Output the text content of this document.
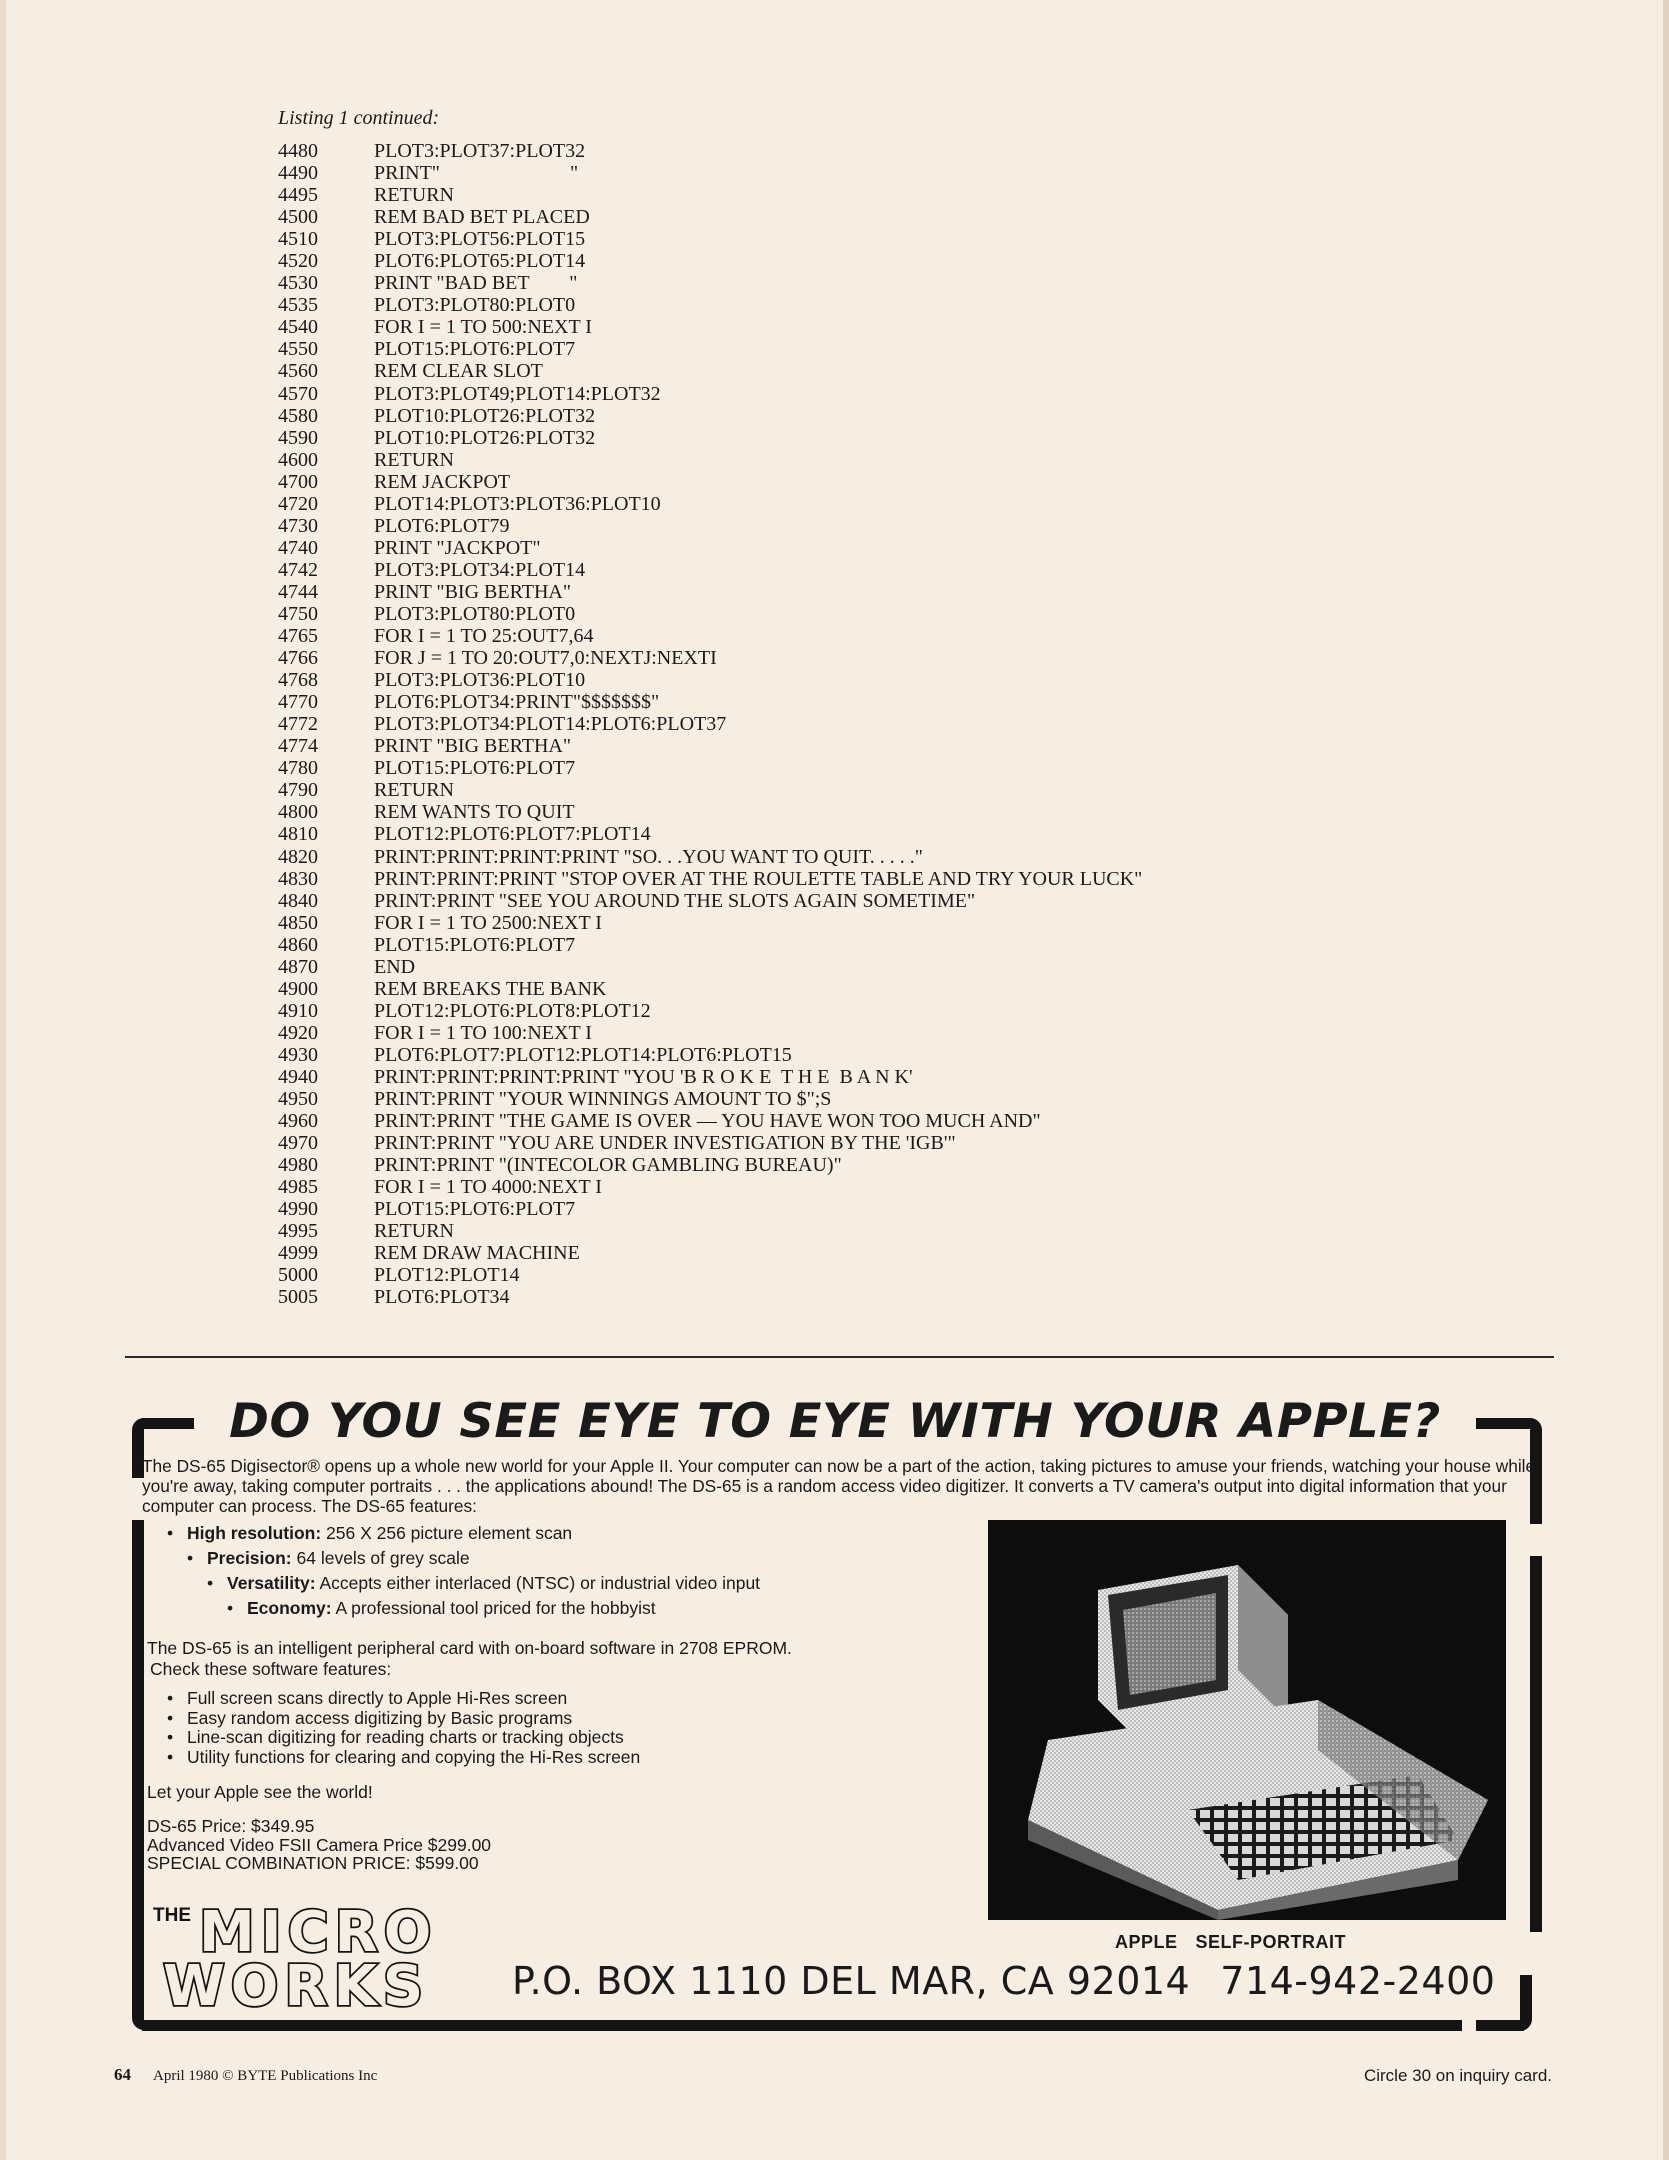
Listing 1 continued:
4480	PLOT3:PLOT37:PLOT32
4490	PRINT"                          "
4495	RETURN
4500	REM BAD BET PLACED
4510	PLOT3:PLOT56:PLOT15
4520	PLOT6:PLOT65:PLOT14
4530	PRINT "BAD BET        "
4535	PLOT3:PLOT80:PLOT0
4540	FOR I = 1 TO 500:NEXT I
4550	PLOT15:PLOT6:PLOT7
4560	REM CLEAR SLOT
4570	PLOT3:PLOT49;PLOT14:PLOT32
4580	PLOT10:PLOT26:PLOT32
4590	PLOT10:PLOT26:PLOT32
4600	RETURN
4700	REM JACKPOT
4720	PLOT14:PLOT3:PLOT36:PLOT10
4730	PLOT6:PLOT79
4740	PRINT "JACKPOT"
4742	PLOT3:PLOT34:PLOT14
4744	PRINT "BIG BERTHA"
4750	PLOT3:PLOT80:PLOT0
4765	FOR I = 1 TO 25:OUT7,64
4766	FOR J = 1 TO 20:OUT7,0:NEXTJ:NEXTI
4768	PLOT3:PLOT36:PLOT10
4770	PLOT6:PLOT34:PRINT"$$$$$$$"
4772	PLOT3:PLOT34:PLOT14:PLOT6:PLOT37
4774	PRINT "BIG BERTHA"
4780	PLOT15:PLOT6:PLOT7
4790	RETURN
4800	REM WANTS TO QUIT
4810	PLOT12:PLOT6:PLOT7:PLOT14
4820	PRINT:PRINT:PRINT:PRINT "SO. . .YOU WANT TO QUIT. . . . ."
4830	PRINT:PRINT:PRINT "STOP OVER AT THE ROULETTE TABLE AND TRY YOUR LUCK"
4840	PRINT:PRINT "SEE YOU AROUND THE SLOTS AGAIN SOMETIME"
4850	FOR I = 1 TO 2500:NEXT I
4860	PLOT15:PLOT6:PLOT7
4870	END
4900	REM BREAKS THE BANK
4910	PLOT12:PLOT6:PLOT8:PLOT12
4920	FOR I = 1 TO 100:NEXT I
4930	PLOT6:PLOT7:PLOT12:PLOT14:PLOT6:PLOT15
4940	PRINT:PRINT:PRINT:PRINT "YOU 'B R O K E  T H E  B A N K'
4950	PRINT:PRINT "YOUR WINNINGS AMOUNT TO $";S
4960	PRINT:PRINT "THE GAME IS OVER — YOU HAVE WON TOO MUCH AND"
4970	PRINT:PRINT "YOU ARE UNDER INVESTIGATION BY THE 'IGB'"
4980	PRINT:PRINT "(INTECOLOR GAMBLING BUREAU)"
4985	FOR I = 1 TO 4000:NEXT I
4990	PLOT15:PLOT6:PLOT7
4995	RETURN
4999	REM DRAW MACHINE
5000	PLOT12:PLOT14
5005	PLOT6:PLOT34
DO YOU SEE EYE TO EYE WITH YOUR APPLE?
The DS-65 Digisector® opens up a whole new world for your Apple II. Your computer can now be a part of the action, taking pictures to amuse your friends, watching your house while you're away, taking computer portraits . . . the applications abound! The DS-65 is a random access video digitizer. It converts a TV camera's output into digital information that your computer can process. The DS-65 features:
• High resolution: 256 X 256 picture element scan
• Precision: 64 levels of grey scale
• Versatility: Accepts either interlaced (NTSC) or industrial video input
• Economy: A professional tool priced for the hobbyist
The DS-65 is an intelligent peripheral card with on-board software in 2708 EPROM.
Check these software features:
• Full screen scans directly to Apple Hi-Res screen
• Easy random access digitizing by Basic programs
• Line-scan digitizing for reading charts or tracking objects
• Utility functions for clearing and copying the Hi-Res screen
Let your Apple see the world!
DS-65 Price: $349.95
Advanced Video FSII Camera Price $299.00
SPECIAL COMBINATION PRICE: $599.00
APPLE SELF-PORTRAIT
THE MICRO
WORKS P.O. BOX 1110 DEL MAR, CA 92014 714-942-2400
64 April 1980 © BYTE Publications Inc	Circle 30 on inquiry card.
